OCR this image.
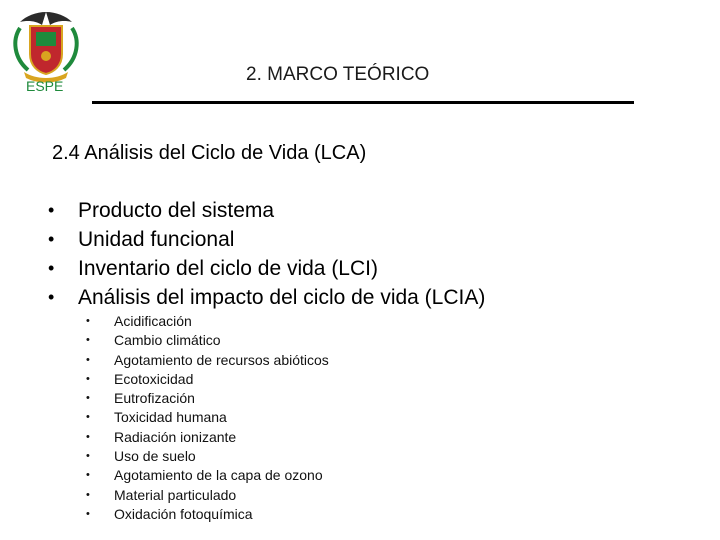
ESPE
2. MARCO TEÓRICO
2.4 Análisis del Ciclo de Vida (LCA)
•	Producto del sistema
•	Unidad funcional
•	Inventario del ciclo de vida (LCI)
•	Análisis del impacto del ciclo de vida (LCIA)
•	Acidificación
•	Cambio climático
•	Agotamiento de recursos abióticos
•	Ecotoxicidad
•	Eutrofización
•	Toxicidad humana
•	Radiación ionizante
•	Uso de suelo
•	Agotamiento de la capa de ozono
•	Material particulado
•	Oxidación fotoquímica
